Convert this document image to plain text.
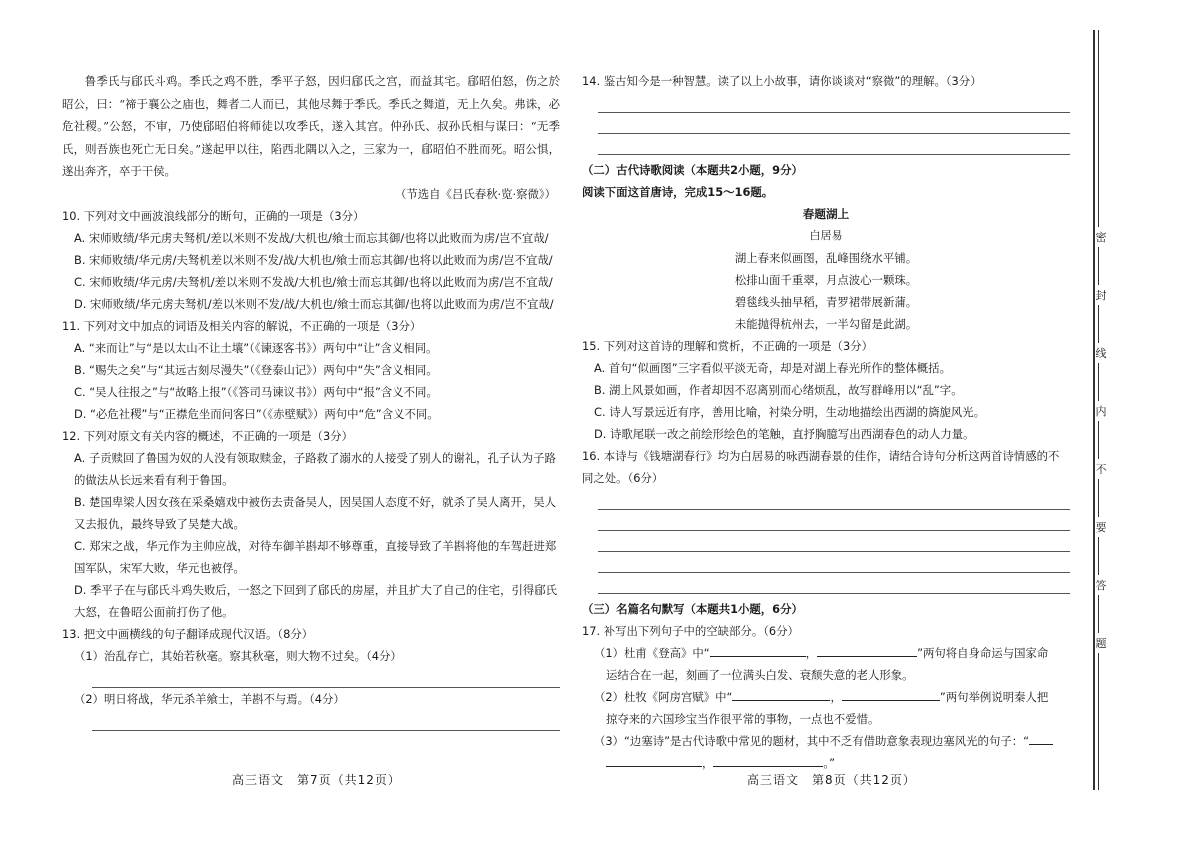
鲁季氏与郈氏斗鸡。季氏之鸡不胜，季平子怒，因归郈氏之宫，而益其宅。郈昭伯怒，伤之於昭公，曰：“禘于襄公之庙也，舞者二人而已，其他尽舞于季氏。季氏之舞道，无上久矣。弗诛，必危社稷。”公怒，不审，乃使郈昭伯将师徒以攻季氏，遂入其宫。仲孙氏、叔孙氏相与谋曰：“无季氏，则吾族也死亡无日矣。”遂起甲以往，陷西北隅以入之，三家为一，郈昭伯不胜而死。昭公惧，遂出奔齐，卒于干侯。

（节选自《吕氏春秋·览·察微》）

10. 下列对文中画波浪线部分的断句，正确的一项是（3分）

A. 宋师败绩/华元虏夫驽机/差以米则不发战/大机也/飨士而忘其御/也将以此败而为虏/岂不宜哉/

B. 宋师败绩/华元虏/夫驽机差以米则不发/战/大机也/飨士而忘其御/也将以此败而为虏/岂不宜哉/

C. 宋师败绩/华元虏/夫驽机/差以米则不发战/大机也/飨士而忘其御/也将以此败而为虏/岂不宜哉/

D. 宋师败绩/华元虏夫驽机/差以米则不发/战/大机也/飨士而忘其御/也将以此败而为虏/岂不宜哉/

11. 下列对文中加点的词语及相关内容的解说，不正确的一项是（3分）

A. “来而让”与“是以太山不让土壤”（《谏逐客书》）两句中“让”含义相同。

B. “赐失之矣”与“其远古刻尽漫失”（《登泰山记》）两句中“失”含义相同。

C. “吴人往报之”与“故略上报”（《答司马谏议书》）两句中“报”含义不同。

D. “必危社稷”与“正襟危坐而问客曰”（《赤壁赋》）两句中“危”含义不同。

12. 下列对原文有关内容的概述，不正确的一项是（3分）

A. 子贡赎回了鲁国为奴的人没有领取赎金，子路救了溺水的人接受了别人的谢礼，孔子认为子路的做法从长远来看有利于鲁国。

B. 楚国卑梁人因女孩在采桑嬉戏中被伤去责备吴人，因吴国人态度不好，就杀了吴人离开，吴人又去报仇，最终导致了吴楚大战。

C. 郑宋之战，华元作为主帅应战，对待车御羊斟却不够尊重，直接导致了羊斟将他的车驾赶进郑国军队，宋军大败，华元也被俘。

D. 季平子在与郈氏斗鸡失败后，一怒之下回到了郈氏的房屋，并且扩大了自己的住宅，引得郈氏大怒，在鲁昭公面前打伤了他。

13. 把文中画横线的句子翻译成现代汉语。（8分）

（1）治乱存亡，其始若秋毫。察其秋毫，则大物不过矣。（4分）

（2）明日将战，华元杀羊飨士，羊斟不与焉。（4分）

14. 鉴古知今是一种智慧。读了以上小故事，请你谈谈对“察微”的理解。（3分）

（二）古代诗歌阅读（本题共2小题，9分）

阅读下面这首唐诗，完成15～16题。

春题湖上

白居易

湖上春来似画图，乱峰围绕水平铺。

松排山面千重翠，月点波心一颗珠。

碧毯线头抽早稻，青罗裙带展新蒲。

未能抛得杭州去，一半勾留是此湖。

15. 下列对这首诗的理解和赏析，不正确的一项是（3分）

A. 首句“似画图”三字看似平淡无奇，却是对湖上春光所作的整体概括。

B. 湖上风景如画，作者却因不忍离别而心绪烦乱，故写群峰用以“乱”字。

C. 诗人写景远近有序，善用比喻，衬染分明，生动地描绘出西湖的旖旎风光。

D. 诗歌尾联一改之前绘形绘色的笔触，直抒胸臆写出西湖春色的动人力量。

16. 本诗与《钱塘湖春行》均为白居易的咏西湖春景的佳作，请结合诗句分析这两首诗情感的不同之处。（6分）

（三）名篇名句默写（本题共1小题，6分）

17. 补写出下列句子中的空缺部分。（6分）

（1）杜甫《登高》中“	，	”两句将自身命运与国家命

运结合在一起，刻画了一位满头白发、衰颓失意的老人形象。

（2）杜牧《阿房宫赋》中“	，	”两句举例说明秦人把

掠夺来的六国珍宝当作很平常的事物，一点也不爱惜。

（3）“边塞诗”是古代诗歌中常见的题材，其中不乏有借助意象表现边塞风光的句子：“

，	。”

高三语文　第7页（共12页）	高三语文　第8页（共12页）
密
封
线
内
不
要
答
题
